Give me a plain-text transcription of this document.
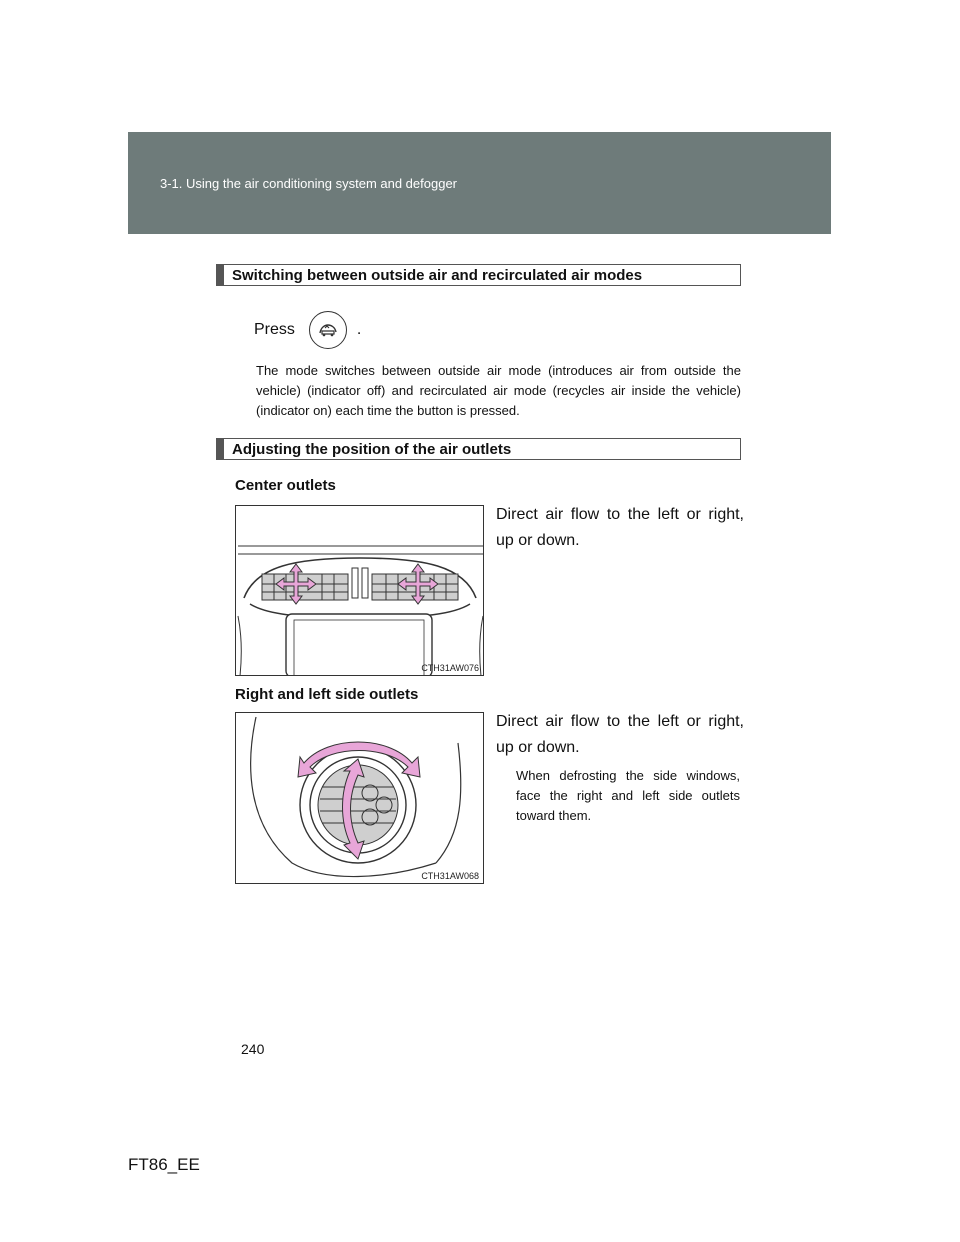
3-1. Using the air conditioning system and defogger
Switching between outside air and recirculated air modes
Press	.
The mode switches between outside air mode (introduces air from outside the vehicle) (indicator off) and recirculated air mode (recycles air inside the vehicle) (indicator on) each time the button is pressed.
Adjusting the position of the air outlets
Center outlets
Direct air flow to the left or right, up or down.
CTH31AW076
Right and left side outlets
Direct air flow to the left or right, up or down.
When defrosting the side windows, face the right and left side outlets toward them.
CTH31AW068
240
FT86_EE
